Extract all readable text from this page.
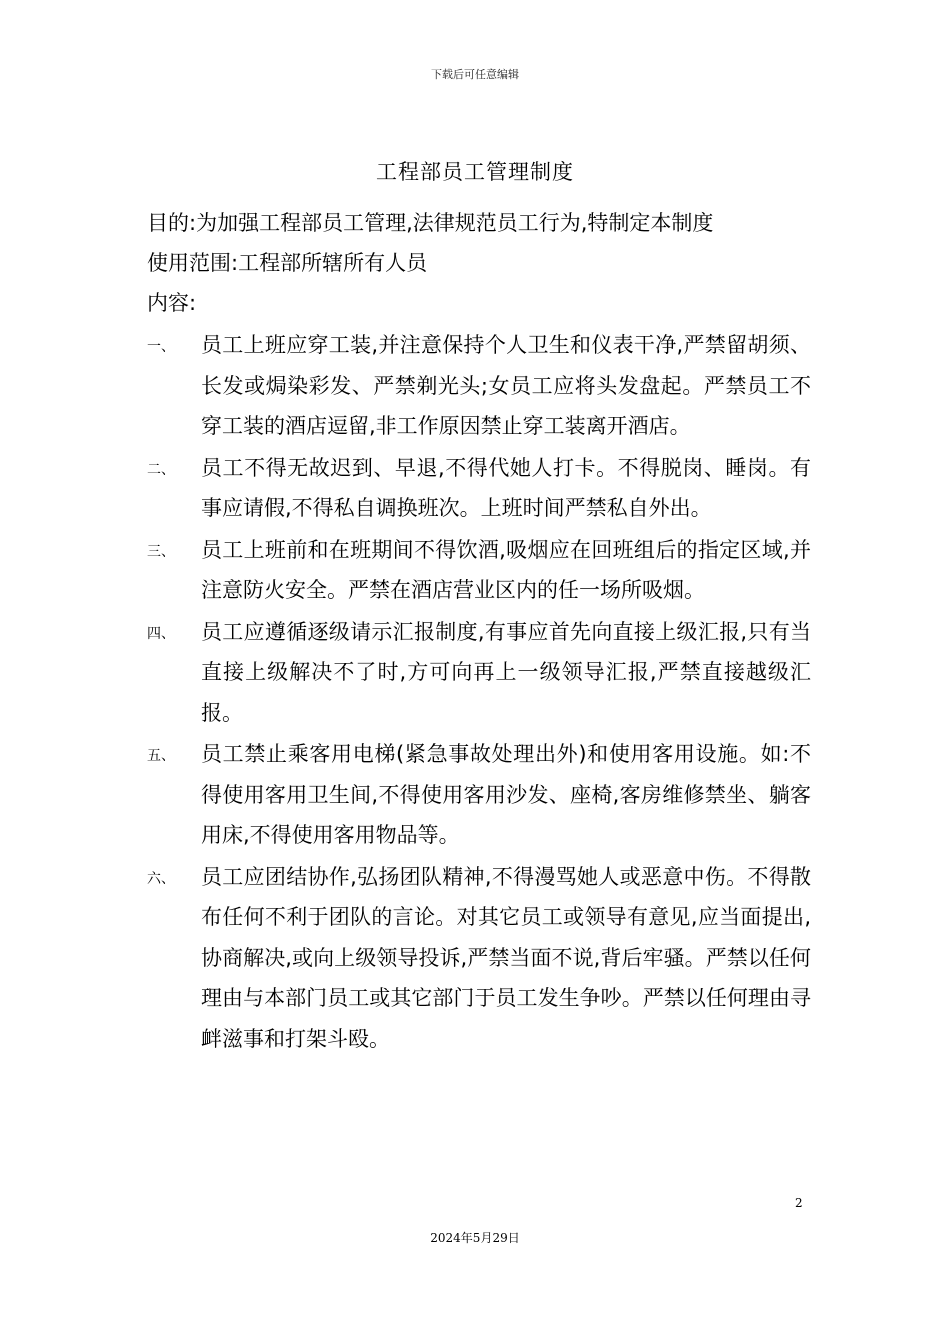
下载后可任意编辑
工程部员工管理制度
目的:为加强工程部员工管理,法律规范员工行为,特制定本制度
使用范围:工程部所辖所有人员
内容:
一、	员工上班应穿工装,并注意保持个人卫生和仪表干净,严禁留胡须、长发或焗染彩发、严禁剃光头;女员工应将头发盘起。严禁员工不穿工装的酒店逗留,非工作原因禁止穿工装离开酒店。
二、	员工不得无故迟到、早退,不得代她人打卡。不得脱岗、睡岗。有事应请假,不得私自调换班次。上班时间严禁私自外出。
三、	员工上班前和在班期间不得饮酒,吸烟应在回班组后的指定区域,并注意防火安全。严禁在酒店营业区内的任一场所吸烟。
四、	员工应遵循逐级请示汇报制度,有事应首先向直接上级汇报,只有当直接上级解决不了时,方可向再上一级领导汇报,严禁直接越级汇报。
五、	员工禁止乘客用电梯(紧急事故处理出外)和使用客用设施。如:不得使用客用卫生间,不得使用客用沙发、座椅,客房维修禁坐、躺客用床,不得使用客用物品等。
六、	员工应团结协作,弘扬团队精神,不得漫骂她人或恶意中伤。不得散布任何不利于团队的言论。对其它员工或领导有意见,应当面提出,协商解决,或向上级领导投诉,严禁当面不说,背后牢骚。严禁以任何理由与本部门员工或其它部门于员工发生争吵。严禁以任何理由寻衅滋事和打架斗殴。
2
2024年5月29日
